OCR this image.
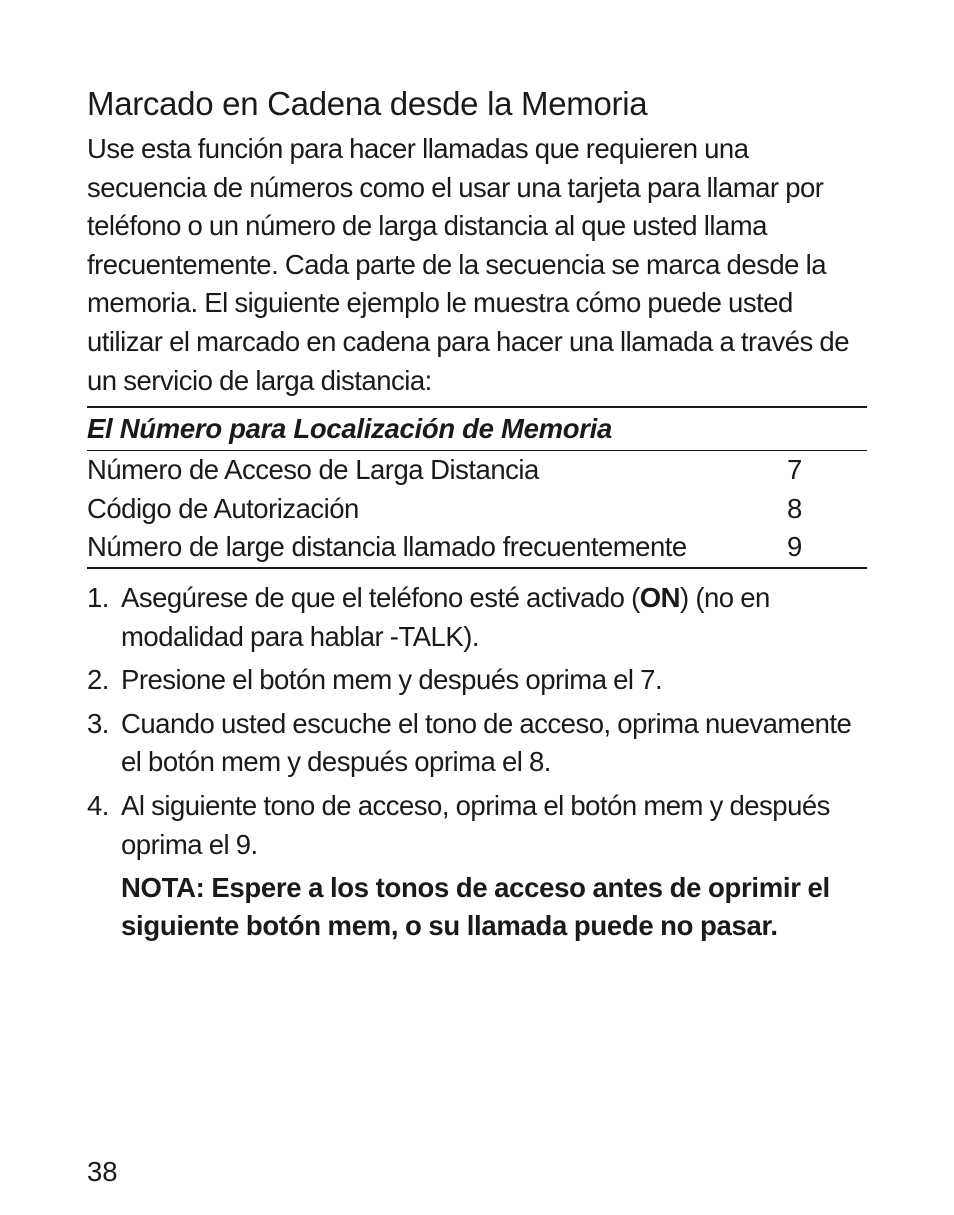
Marcado en Cadena desde la Memoria

Use esta función para hacer llamadas que requieren una secuencia de números como el usar una tarjeta para llamar por teléfono o un número de larga distancia al que usted llama frecuentemente. Cada parte de la secuencia se marca desde la memoria. El siguiente ejemplo le muestra cómo puede usted utilizar el marcado en cadena para hacer una llamada a través de un servicio de larga distancia:

El Número para Localización de Memoria
Número de Acceso de Larga Distancia	7
Código de Autorización	8
Número de large distancia llamado frecuentemente	9
1. Asegúrese de que el teléfono esté activado (ON) (no en modalidad para hablar -TALK).
2. Presione el botón mem y después oprima el 7.
3. Cuando usted escuche el tono de acceso, oprima nuevamente el botón mem y después oprima el 8.
4. Al siguiente tono de acceso, oprima el botón mem y después oprima el 9.
NOTA: Espere a los tonos de acceso antes de oprimir el siguiente botón mem, o su llamada puede no pasar.
38
